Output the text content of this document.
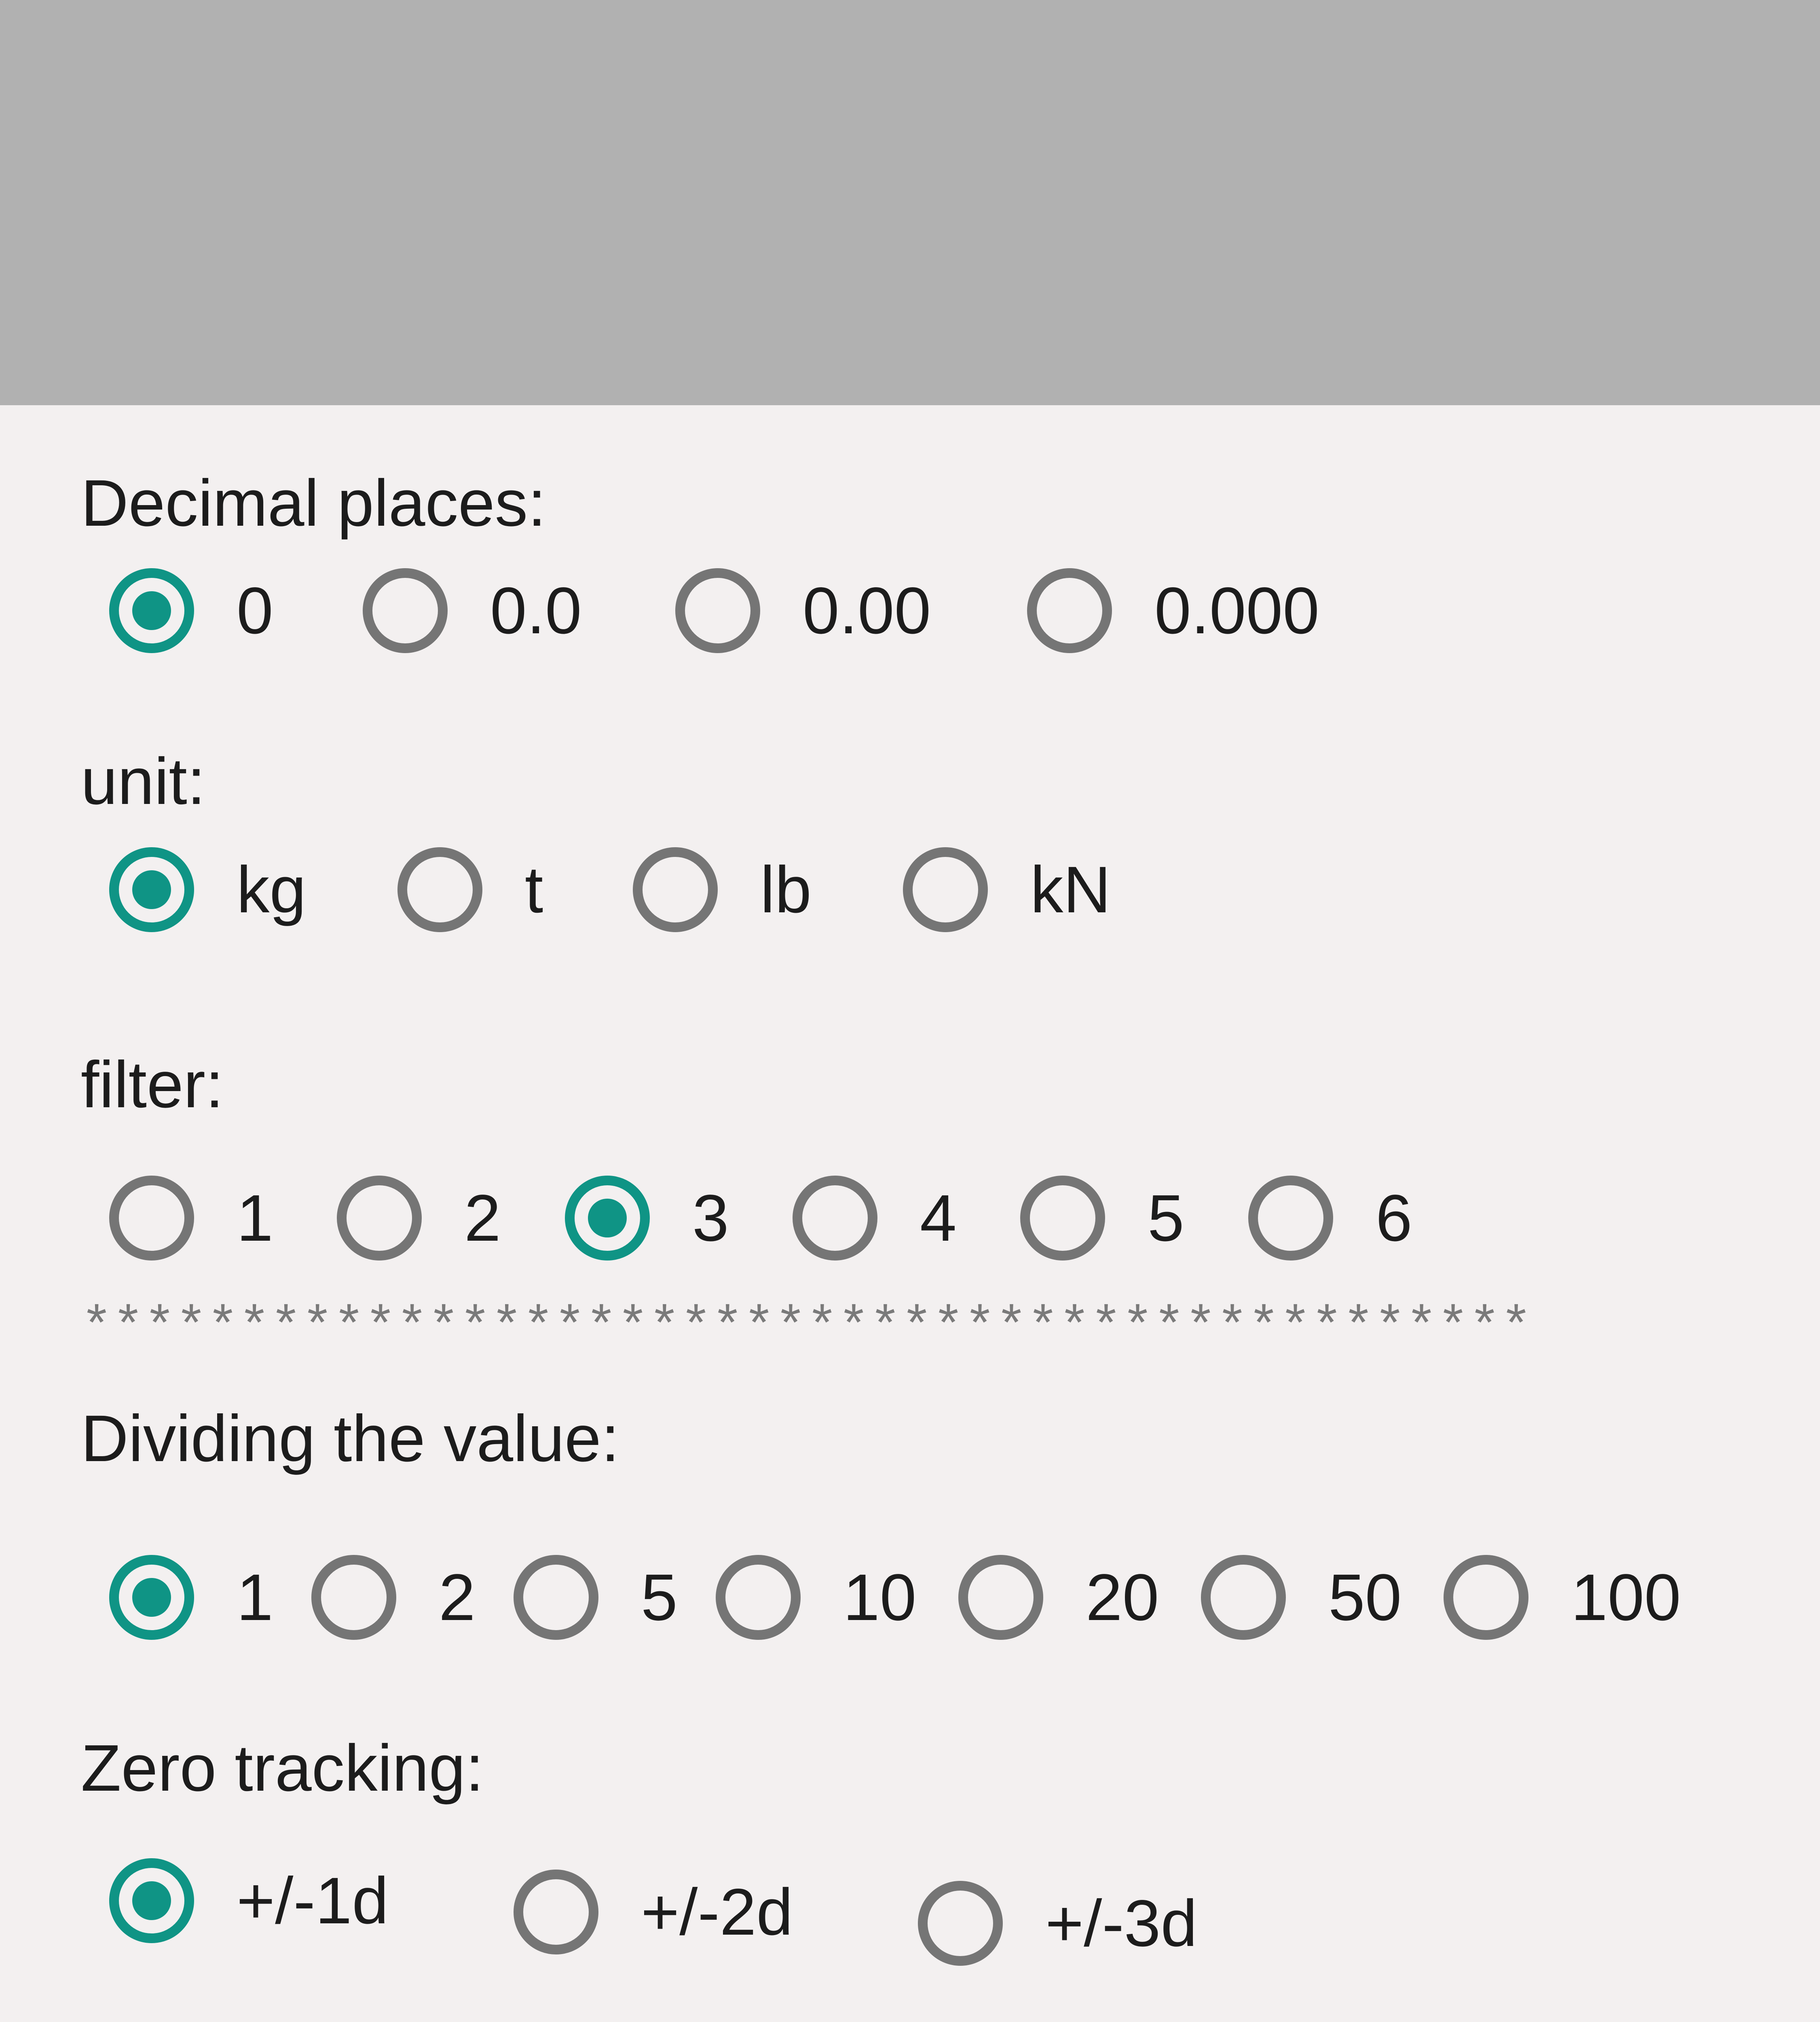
Decimal places:
0	0.0	0.00	0.000
unit:
kg	t	lb	kN
filter:
1	2	3	4	5	6
**********************************************
Dividing the value:
1	2	5	10	20	50	100
Zero tracking:
+/-1d	+/-2d	+/-3d
